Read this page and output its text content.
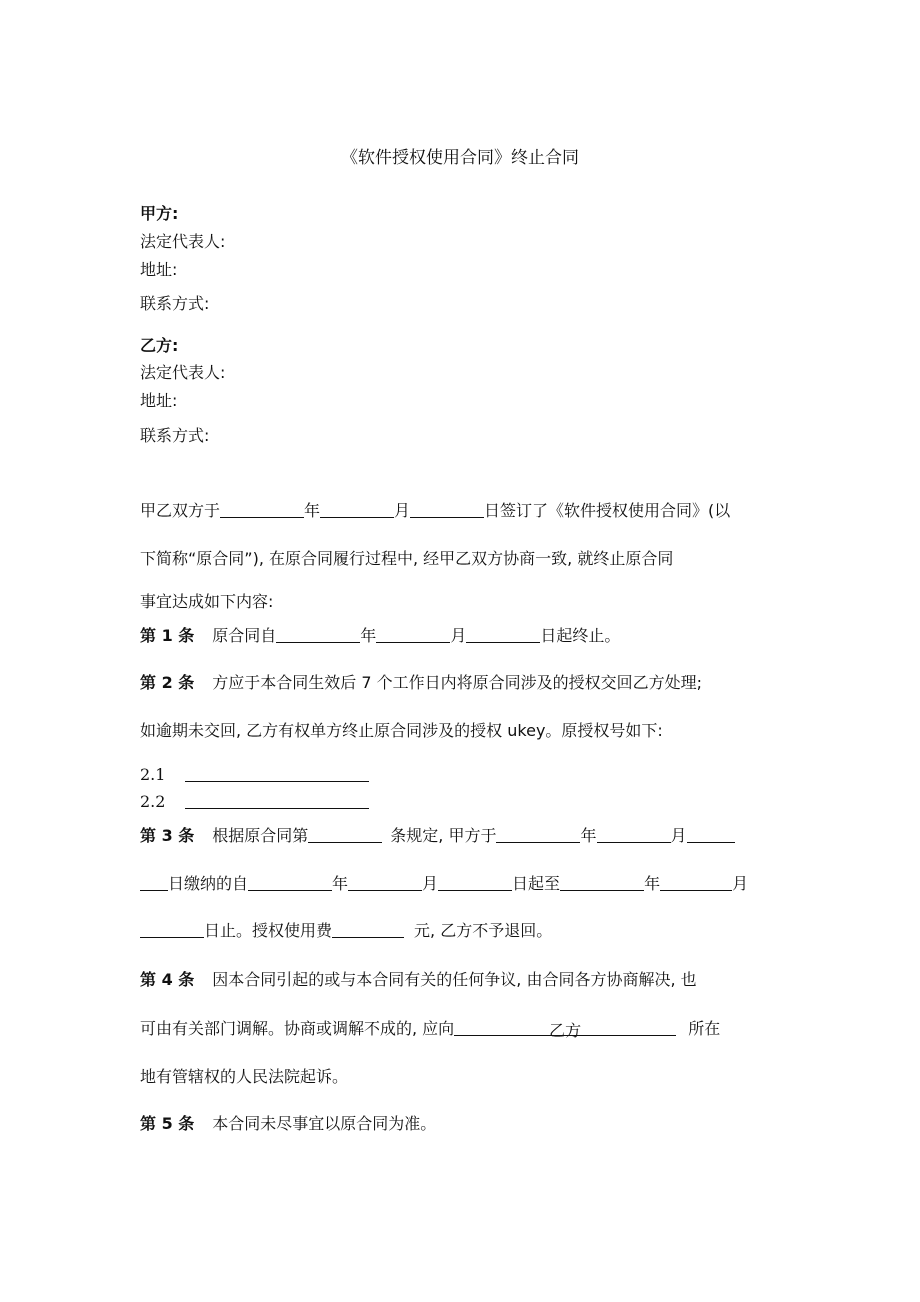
《软件授权使用合同》终止合同
甲方:
法定代表人:
地址:
联系方式:
乙方:
法定代表人:
地址:
联系方式:
甲乙双方于	年	月	日签订了《软件授权使用合同》(以
下简称“原合同”), 在原合同履行过程中, 经甲乙双方协商一致, 就终止原合同
事宜达成如下内容:
第 1 条 原合同自	年	月	日起终止。
第 2 条 方应于本合同生效后 7 个工作日内将原合同涉及的授权交回乙方处理;
如逾期未交回, 乙方有权单方终止原合同涉及的授权 ukey。原授权号如下:
2.1
2.2
第 3 条 根据原合同第	条规定, 甲方于	年	月
日缴纳的自	年	月	日起至	年	月
日止。授权使用费	元, 乙方不予退回。
第 4 条 因本合同引起的或与本合同有关的任何争议, 由合同各方协商解决, 也
可由有关部门调解。协商或调解不成的, 应向	乙方	所在
地有管辖权的人民法院起诉。
第 5 条 本合同未尽事宜以原合同为准。
